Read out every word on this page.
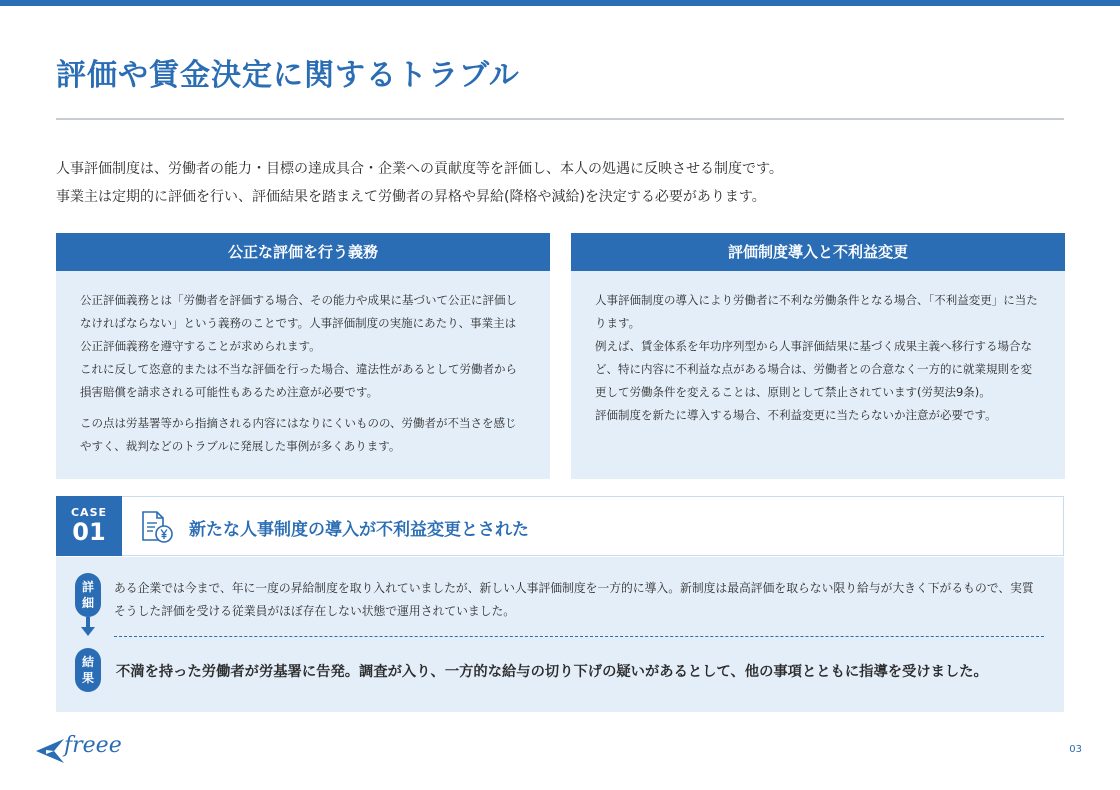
評価や賃金決定に関するトラブル

人事評価制度は、労働者の能力・目標の達成具合・企業への貢献度等を評価し、本人の処遇に反映させる制度です。

事業主は定期的に評価を行い、評価結果を踏まえて労働者の昇格や昇給(降格や減給)を決定する必要があります。

公正な評価を行う義務

公正評価義務とは「労働者を評価する場合、その能力や成果に基づいて公正に評価しなければならない」という義務のことです。人事評価制度の実施にあたり、事業主は公正評価義務を遵守することが求められます。
これに反して恣意的または不当な評価を行った場合、違法性があるとして労働者から損害賠償を請求される可能性もあるため注意が必要です。

この点は労基署等から指摘される内容にはなりにくいものの、労働者が不当さを感じやすく、裁判などのトラブルに発展した事例が多くあります。

評価制度導入と不利益変更

人事評価制度の導入により労働者に不利な労働条件となる場合、「不利益変更」に当たります。
例えば、賃金体系を年功序列型から人事評価結果に基づく成果主義へ移行する場合など、特に内容に不利益な点がある場合は、労働者との合意なく一方的に就業規則を変更して労働条件を変えることは、原則として禁止されています(労契法9条)。
評価制度を新たに導入する場合、不利益変更に当たらないか注意が必要です。

CASE
01	新たな人事制度の導入が不利益変更とされた
詳
細
結
果
ある企業では今まで、年に一度の昇給制度を取り入れていましたが、新しい人事評価制度を一方的に導入。新制度は最高評価を取らない限り給与が大きく下がるもので、実質そうした評価を受ける従業員がほぼ存在しない状態で運用されていました。
不満を持った労働者が労基署に告発。調査が入り、一方的な給与の切り下げの疑いがあるとして、他の事項とともに指導を受けました。
freee	03
